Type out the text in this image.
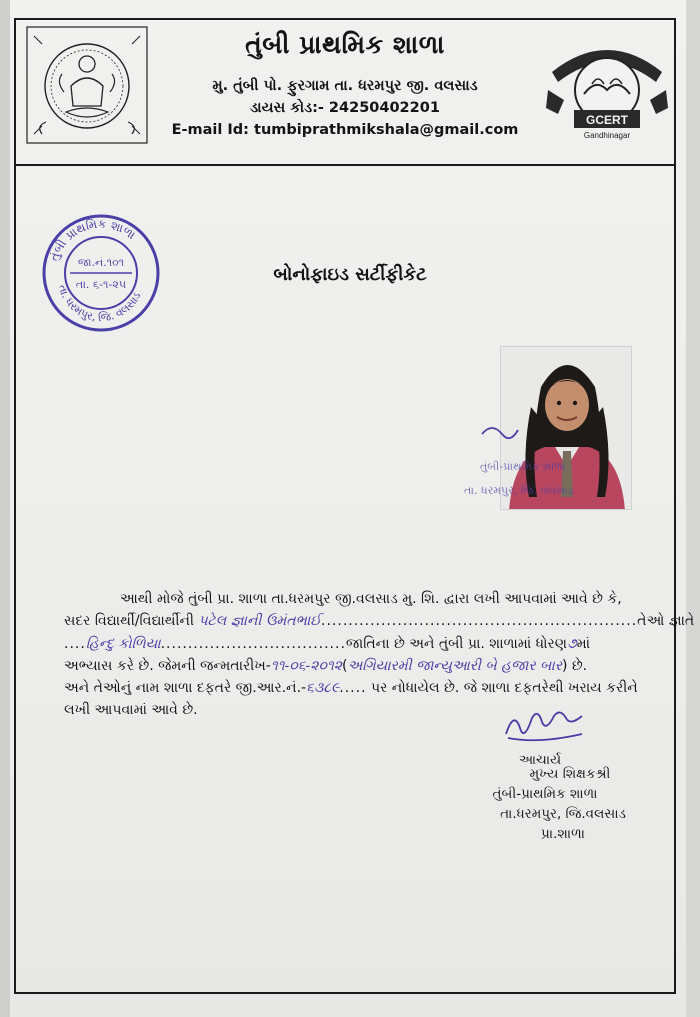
તુંબી પ્રાથમિક શાળા
મુ. તુંબી પો. ફુરગામ તા. ધરમપુર જી. વલસાડ
ડાયસ કોડ:- 24250402201
E-mail Id: tumbiprathmikshala@gmail.com
GCERT
Gandhinagar
તુંબી પ્રાથમિક શાળા
તા. ધરમપુર, જિ. વલસાડ
જા.નં.૧૦૧
તા. ૬-૧-૨૫	બોનોફાઇડ સર્ટીફીકેટ
તુંબી-પ્રાથમિક શાળા
તા. ધરમપુર, જિ. વલસાડ
આથી મોજે તુંબી પ્રા. શાળા તા.ધરમપુર જી.વલસાડ મુ. શિ. દ્વારા લખી આપવામાં આવે છે કે,
સદર વિદ્યાર્થી/વિદ્યાર્થીની પટેલ જ્ઞાની ઉમંતભાઈ..........................................................તેઓ જ્ઞાતે
....હિન્દુ કોળિયા..................................જાતિના છે અને તુંબી પ્રા. શાળામાં ધોરણ૭માં
અભ્યાસ કરે છે. જેમની જન્મતારીખ-૧૧-૦૬-૨૦૧૨(અગિયારમી જાન્યુઆરી બે હજાર બાર) છે.
અને તેઓનું નામ શાળા દફતરે જી.આર.નં.-૬૩૮૯..... પર નોધાયેલ છે. જે શાળા દફતરેથી ખરાય કરીને
લખી આપવામાં આવે છે.
આચાર્ય
મુખ્ય શિક્ષકશ્રી
તુંબી-પ્રાથમિક શાળા
તા.ધરમપુર, જિ.વલસાડ પ્રા.શાળા
